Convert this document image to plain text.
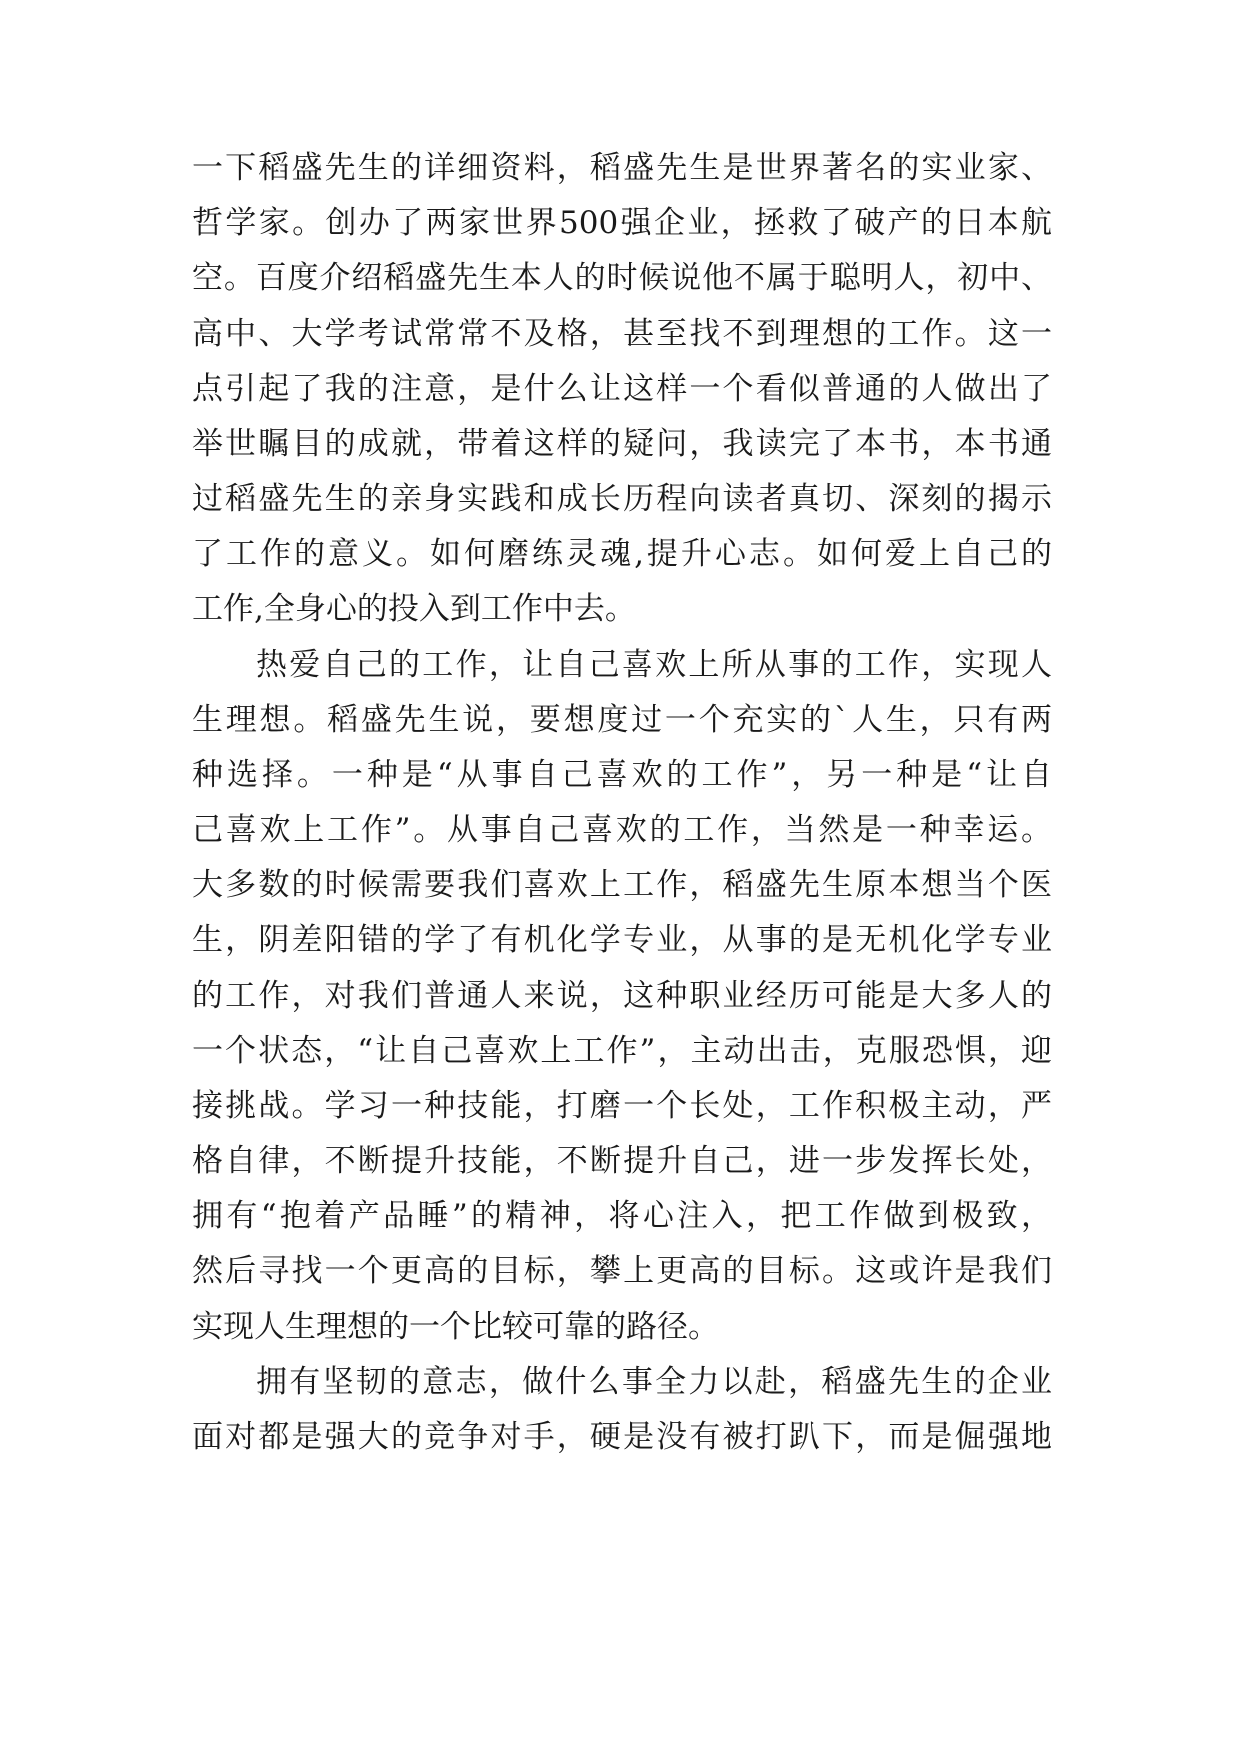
一下稻盛先生的详细资料，稻盛先生是世界著名的实业家、
哲学家。创办了两家世界500强企业，拯救了破产的日本航
空。百度介绍稻盛先生本人的时候说他不属于聪明人，初中、
高中、大学考试常常不及格，甚至找不到理想的工作。这一
点引起了我的注意，是什么让这样一个看似普通的人做出了
举世瞩目的成就，带着这样的疑问，我读完了本书，本书通
过稻盛先生的亲身实践和成长历程向读者真切、深刻的揭示
了工作的意义。如何磨练灵魂,提升心志。如何爱上自己的
工作,全身心的投入到工作中去。
热爱自己的工作，让自己喜欢上所从事的工作，实现人
生理想。稻盛先生说，要想度过一个充实的`人生，只有两
种选择。一种是“从事自己喜欢的工作”，另一种是“让自
己喜欢上工作”。从事自己喜欢的工作，当然是一种幸运。
大多数的时候需要我们喜欢上工作，稻盛先生原本想当个医
生，阴差阳错的学了有机化学专业，从事的是无机化学专业
的工作，对我们普通人来说，这种职业经历可能是大多人的
一个状态，“让自己喜欢上工作”，主动出击，克服恐惧，迎
接挑战。学习一种技能，打磨一个长处，工作积极主动，严
格自律，不断提升技能，不断提升自己，进一步发挥长处，
拥有“抱着产品睡”的精神，将心注入，把工作做到极致，
然后寻找一个更高的目标，攀上更高的目标。这或许是我们
实现人生理想的一个比较可靠的路径。
拥有坚韧的意志，做什么事全力以赴，稻盛先生的企业
面对都是强大的竞争对手，硬是没有被打趴下，而是倔强地
